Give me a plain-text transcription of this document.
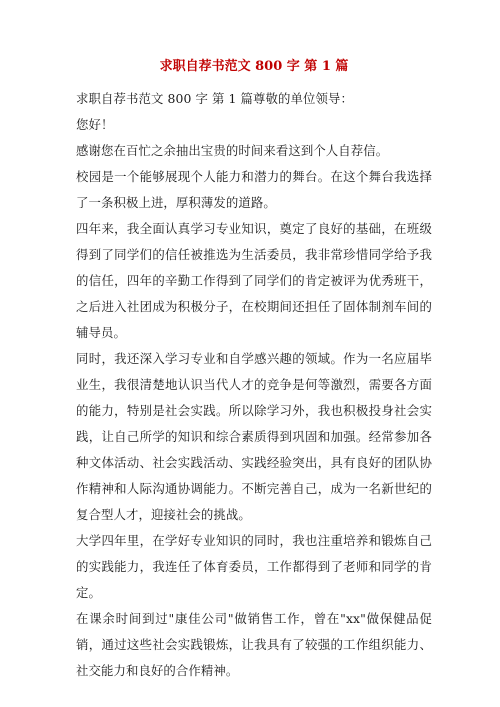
求职自荐书范文 800 字 第 1 篇

求职自荐书范文 800 字 第 1 篇尊敬的单位领导：

您好！

感谢您在百忙之余抽出宝贵的时间来看这到个人自荐信。

校园是一个能够展现个人能力和潜力的舞台。在这个舞台我选择了一条积极上进，厚积薄发的道路。

四年来，我全面认真学习专业知识，奠定了良好的基础，在班级得到了同学们的信任被推选为生活委员，我非常珍惜同学给予我的信任，四年的辛勤工作得到了同学们的肯定被评为优秀班干，之后进入社团成为积极分子，在校期间还担任了固体制剂车间的辅导员。

同时，我还深入学习专业和自学感兴趣的领域。作为一名应届毕业生，我很清楚地认识当代人才的竞争是何等激烈，需要各方面的能力，特别是社会实践。所以除学习外，我也积极投身社会实践，让自己所学的知识和综合素质得到巩固和加强。经常参加各种文体活动、社会实践活动、实践经验突出，具有良好的团队协作精神和人际沟通协调能力。不断完善自己，成为一名新世纪的复合型人才，迎接社会的挑战。

大学四年里，在学好专业知识的同时，我也注重培养和锻炼自己的实践能力，我连任了体育委员，工作都得到了老师和同学的肯定。

在课余时间到过"康佳公司"做销售工作，曾在"xx"做保健品促销，通过这些社会实践锻炼，让我具有了较强的工作组织能力、社交能力和良好的合作精神。
